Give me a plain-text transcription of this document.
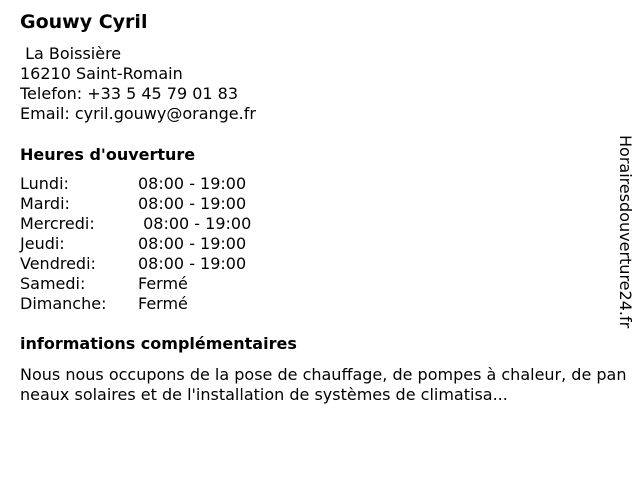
Gouwy Cyril
La Boissière
16210 Saint-Romain
Telefon: +33 5 45 79 01 83
Email: cyril.gouwy@orange.fr
Heures d'ouverture
Lundi:	08:00 - 19:00
Mardi:	08:00 - 19:00
Mercredi:	08:00 - 19:00
Jeudi:	08:00 - 19:00
Vendredi:	08:00 - 19:00
Samedi:	Fermé
Dimanche:	Fermé
informations complémentaires
Nous nous occupons de la pose de chauffage, de pompes à chaleur, de panneaux solaires et de l'installation de systèmes de climatisa...
Horairesdouverture24.fr
